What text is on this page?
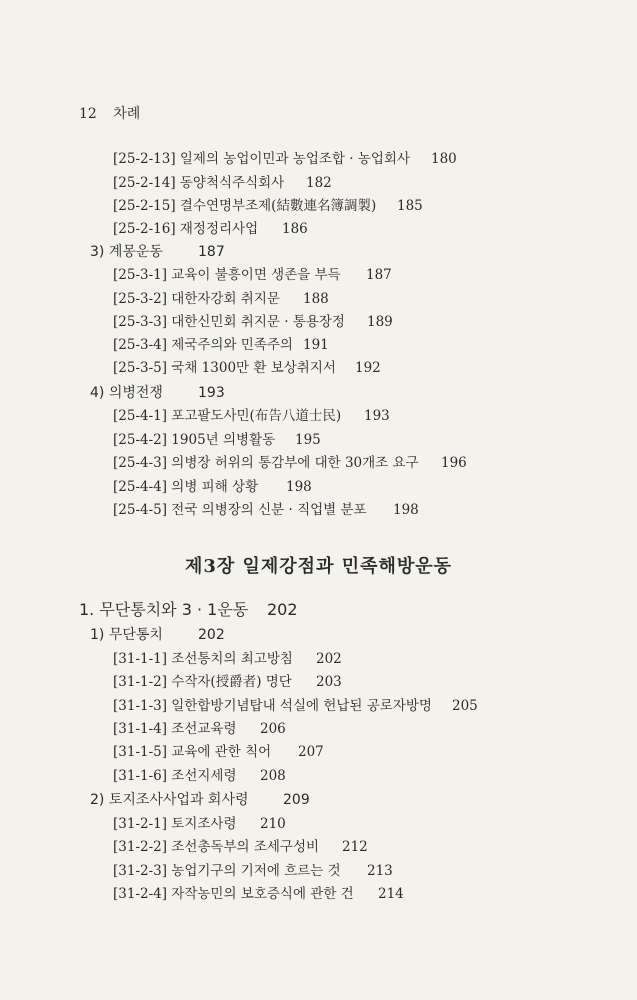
12 차례
[25-2-13] 일제의 농업이민과 농업조합 · 농업회사 180
[25-2-14] 동양척식주식회사 182
[25-2-15] 결수연명부조제(結數連名簿調製) 185
[25-2-16] 재정정리사업 186
3) 계몽운동	187
[25-3-1] 교육이 불흥이면 생존을 부득 187
[25-3-2] 대한자강회 취지문 188
[25-3-3] 대한신민회 취지문 · 통용장정 189
[25-3-4] 제국주의와 민족주의 191
[25-3-5] 국채 1300만 환 보상취지서 192
4) 의병전쟁	193
[25-4-1] 포고팔도사민(布告八道士民) 193
[25-4-2] 1905년 의병활동 195
[25-4-3] 의병장 허위의 통감부에 대한 30개조 요구 196
[25-4-4] 의병 피해 상황 198
[25-4-5] 전국 의병장의 신분 · 직업별 분포 198
제3장 일제강점과 민족해방운동
1. 무단통치와 3 · 1운동 202
1) 무단통치	202
[31-1-1] 조선통치의 최고방침 202
[31-1-2] 수작자(授爵者) 명단 203
[31-1-3] 일한합방기념탑내 석실에 헌납된 공로자방명 205
[31-1-4] 조선교육령 206
[31-1-5] 교육에 관한 칙어 207
[31-1-6] 조선지세령 208
2) 토지조사사업과 회사령 209
[31-2-1] 토지조사령 210
[31-2-2] 조선총독부의 조세구성비 212
[31-2-3] 농업기구의 기저에 흐르는 것 213
[31-2-4] 자작농민의 보호증식에 관한 건 214
